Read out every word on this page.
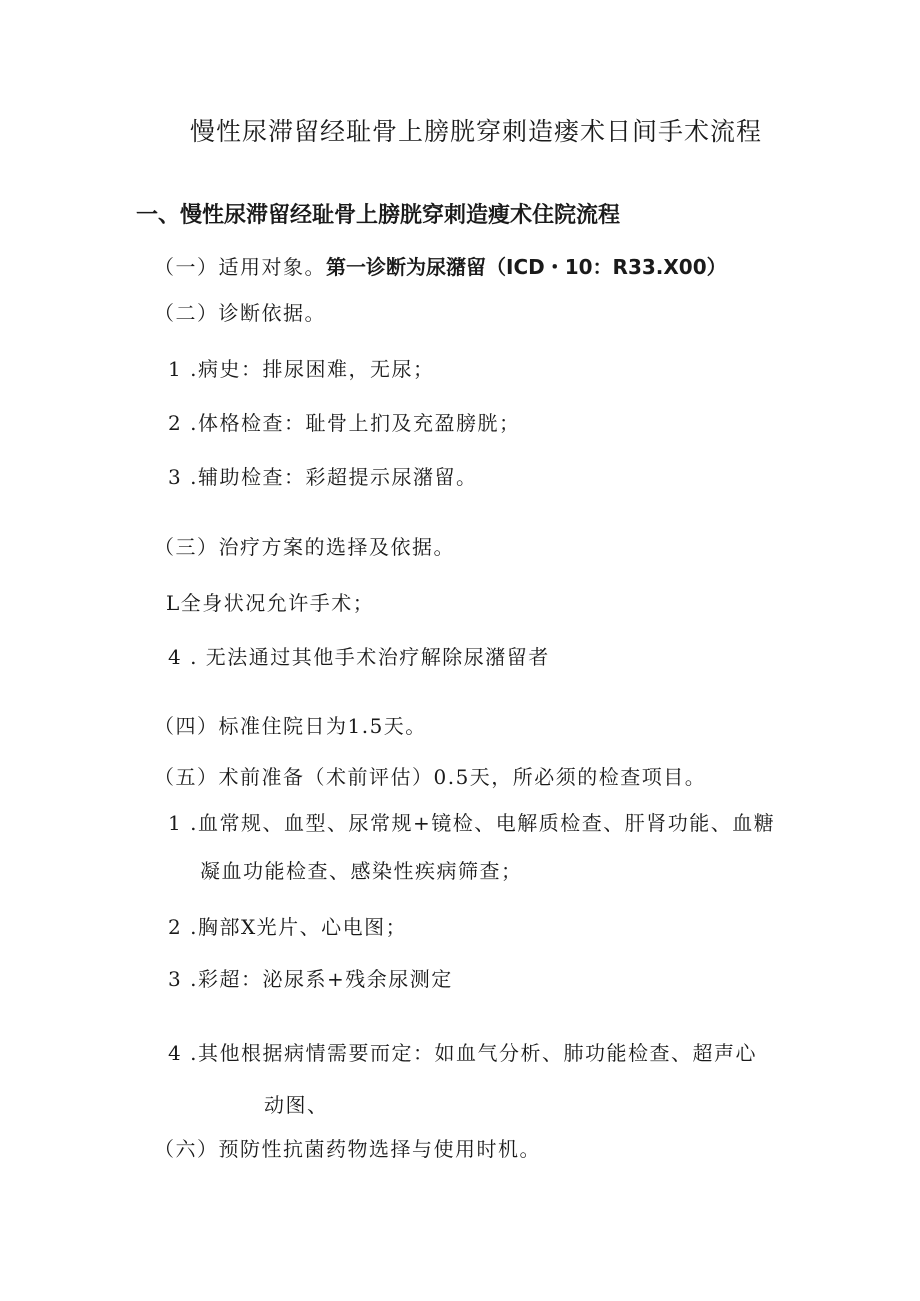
慢性尿滞留经耻骨上膀胱穿刺造瘘术日间手术流程
一、慢性尿滞留经耻骨上膀胱穿刺造瘦术住院流程
（一）适用对象。第一诊断为尿潴留（ICD・10：R33.X00）
（二）诊断依据。
1 .病史：排尿困难，无尿；
2 .体格检查：耻骨上扪及充盈膀胱；
3 .辅助检查：彩超提示尿潴留。
（三）治疗方案的选择及依据。
L全身状况允许手术；
4 . 无法通过其他手术治疗解除尿潴留者
（四）标准住院日为1.5天。
（五）术前准备（术前评估）0.5天，所必须的检查项目。
1 .血常规、血型、尿常规+镜检、电解质检查、肝肾功能、血糖
凝血功能检查、感染性疾病筛查；
2 .胸部X光片、心电图；
3 .彩超：泌尿系+残余尿测定
4 .其他根据病情需要而定：如血气分析、肺功能检查、超声心
动图、
（六）预防性抗菌药物选择与使用时机。
